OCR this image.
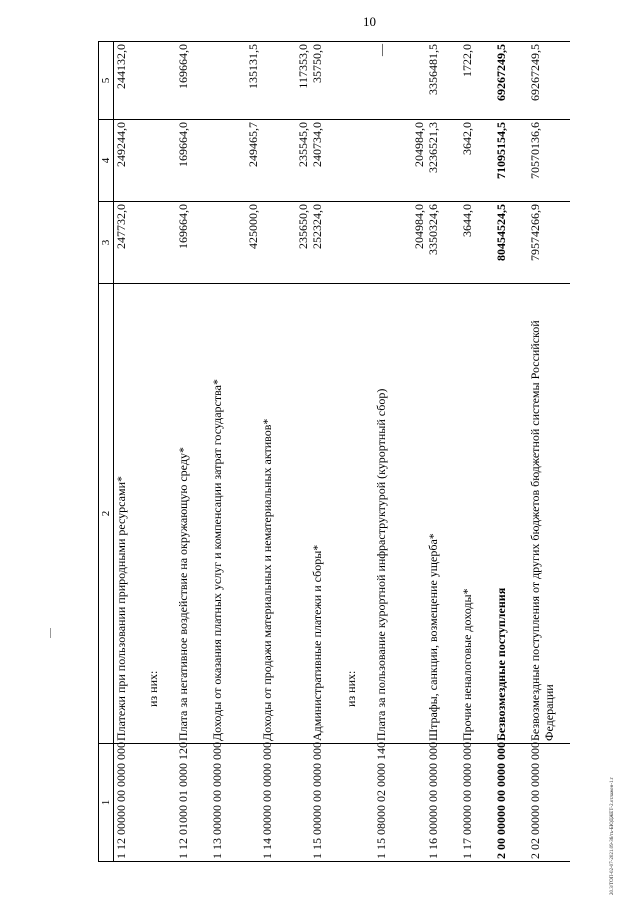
10
1	2	3	4	5
1 12 00000 00 0000 000	Платежи при пользовании природными ресурсами*	247732,0	249244,0	244132,0
	из них:			
1 12 01000 01 0000 120	Плата за негативное воздействие на окружающую среду*	169664,0	169664,0	169664,0
1 13 00000 00 0000 000	Доходы от оказания платных услуг и компенсации затрат государства*	425000,0	249465,7	135131,5
1 14 00000 00 0000 000	Доходы от продажи материальных и нематериальных активов*	235650,0	235545,0	117353,0
1 15 00000 00 0000 000	Административные платежи и сборы*	252324,0	240734,0	35750,0
	из них:			
1 15 08000 02 0000 140	Плата за пользование курортной инфраструктурой (курортный сбор)	204984,0	204984,0	—
1 16 00000 00 0000 000	Штрафы, санкции, возмещение ущерба*	3350324,6	3236521,3	3356481,5
1 17 00000 00 0000 000	Прочие неналоговые доходы*	3644,0	3642,0	1722,0
2 00 00000 00 0000 000	Безвозмездные поступления	80454524,5	71095154,5	69267249,5
2 02 00000 00 0000 000	Безвозмездные поступления от других бюджетов бюджетной системы Российской Федерации	79574266,9	70570136,6	69267249,5
20.3/ТОП-02-07-2021.09-36/ть-БЮДЖЕТ-2.отлажен-1.т
